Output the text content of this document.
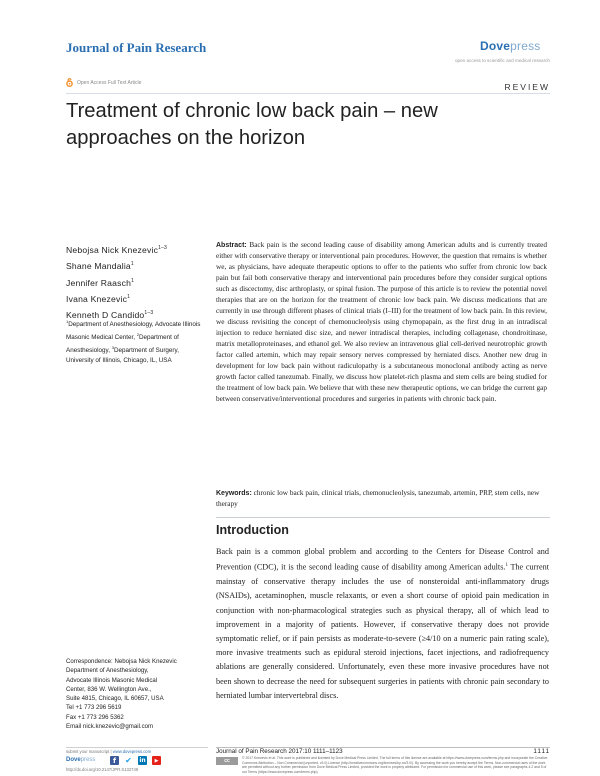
Journal of Pain Research	Dovepress
open access to scientific and medical research
Open Access Full Text Article	REVIEW
Treatment of chronic low back pain – new approaches on the horizon
Nebojsa Nick Knezevic$^{1-3}$
Shane Mandalia$^1$
Jennifer Raasch$^1$
Ivana Knezevic$^1$
Kenneth D Candido$^{1-3}$
$^1$Department of Anesthesiology, Advocate Illinois Masonic Medical Center, $^2$Department of Anesthesiology, $^3$Department of Surgery, University of Illinois, Chicago, IL, USA
Abstract: Back pain is the second leading cause of disability among American adults and is currently treated either with conservative therapy or interventional pain procedures. However, the question that remains is whether we, as physicians, have adequate therapeutic options to offer to the patients who suffer from chronic low back pain but fail both conservative therapy and interventional pain procedures before they consider surgical options such as discectomy, disc arthroplasty, or spinal fusion. The purpose of this article is to review the potential novel therapies that are on the horizon for the treatment of chronic low back pain. We discuss medications that are currently in use through different phases of clinical trials (I–III) for the treatment of low back pain. In this review, we discuss revisiting the concept of chemonucleolysis using chymopapain, as the first drug in an intradiscal injection to reduce herniated disc size, and newer intradiscal therapies, including collagenase, chondroitinase, matrix metalloproteinases, and ethanol gel. We also review an intravenous glial cell-derived neurotrophic growth factor called artemin, which may repair sensory nerves compressed by herniated discs. Another new drug in development for low back pain without radiculopathy is a subcutaneous monoclonal antibody acting as nerve growth factor called tanezumab. Finally, we discuss how platelet-rich plasma and stem cells are being studied for the treatment of low back pain. We believe that with these new therapeutic options, we can bridge the current gap between conservative/interventional procedures and surgeries in patients with chronic back pain.
Keywords: chronic low back pain, clinical trials, chemonucleolysis, tanezumab, artemin, PRP, stem cells, new therapy
Introduction
Back pain is a common global problem and according to the Centers for Disease Control and Prevention (CDC), it is the second leading cause of disability among American adults.$^1$ The current mainstay of conservative therapy includes the use of nonsteroidal anti-inflammatory drugs (NSAIDs), acetaminophen, muscle relaxants, or even a short course of opioid pain medication in conjunction with non-pharmacological strategies such as physical therapy, all of which lead to improvement in a majority of patients. However, if conservative therapy does not provide symptomatic relief, or if pain persists as moderate-to-severe (≥4/10 on a numeric pain rating scale), more invasive treatments such as epidural steroid injections, facet injections, and radiofrequency ablations are generally considered. Unfortunately, even these more invasive procedures have not been shown to decrease the need for subsequent surgeries in patients with chronic pain secondary to herniated lumbar intervertebral discs.
Correspondence: Nebojsa Nick Knezevic
Department of Anesthesiology,
Advocate Illinois Masonic Medical
Center, 836 W. Wellington Ave.,
Suite 4815, Chicago, IL 60657, USA
Tel +1 773 296 5619
Fax +1 773 296 5362
Email nick.knezevic@gmail.com
submit your manuscript | www.dovepress.com
Dovepress	f	✔ in	▶
http://dx.doi.org/10.2147/JPR.S132749
Journal of Pain Research 2017:10 1111–1123	1111
cc	© 2017 Knezevic et al. This work is published and licensed by Dove Medical Press Limited. The full terms of this license are available at https://www.dovepress.com/terms.php and incorporate the Creative Commons Attribution – Non Commercial (unported, v3.0) License (http://creativecommons.org/licenses/by-nc/3.0/). By accessing the work you hereby accept the Terms. Non-commercial uses of the work are permitted without any further permission from Dove Medical Press Limited, provided the work is properly attributed. For permission for commercial use of this work, please see paragraphs 4.2 and 5 of our Terms (https://www.dovepress.com/terms.php).
